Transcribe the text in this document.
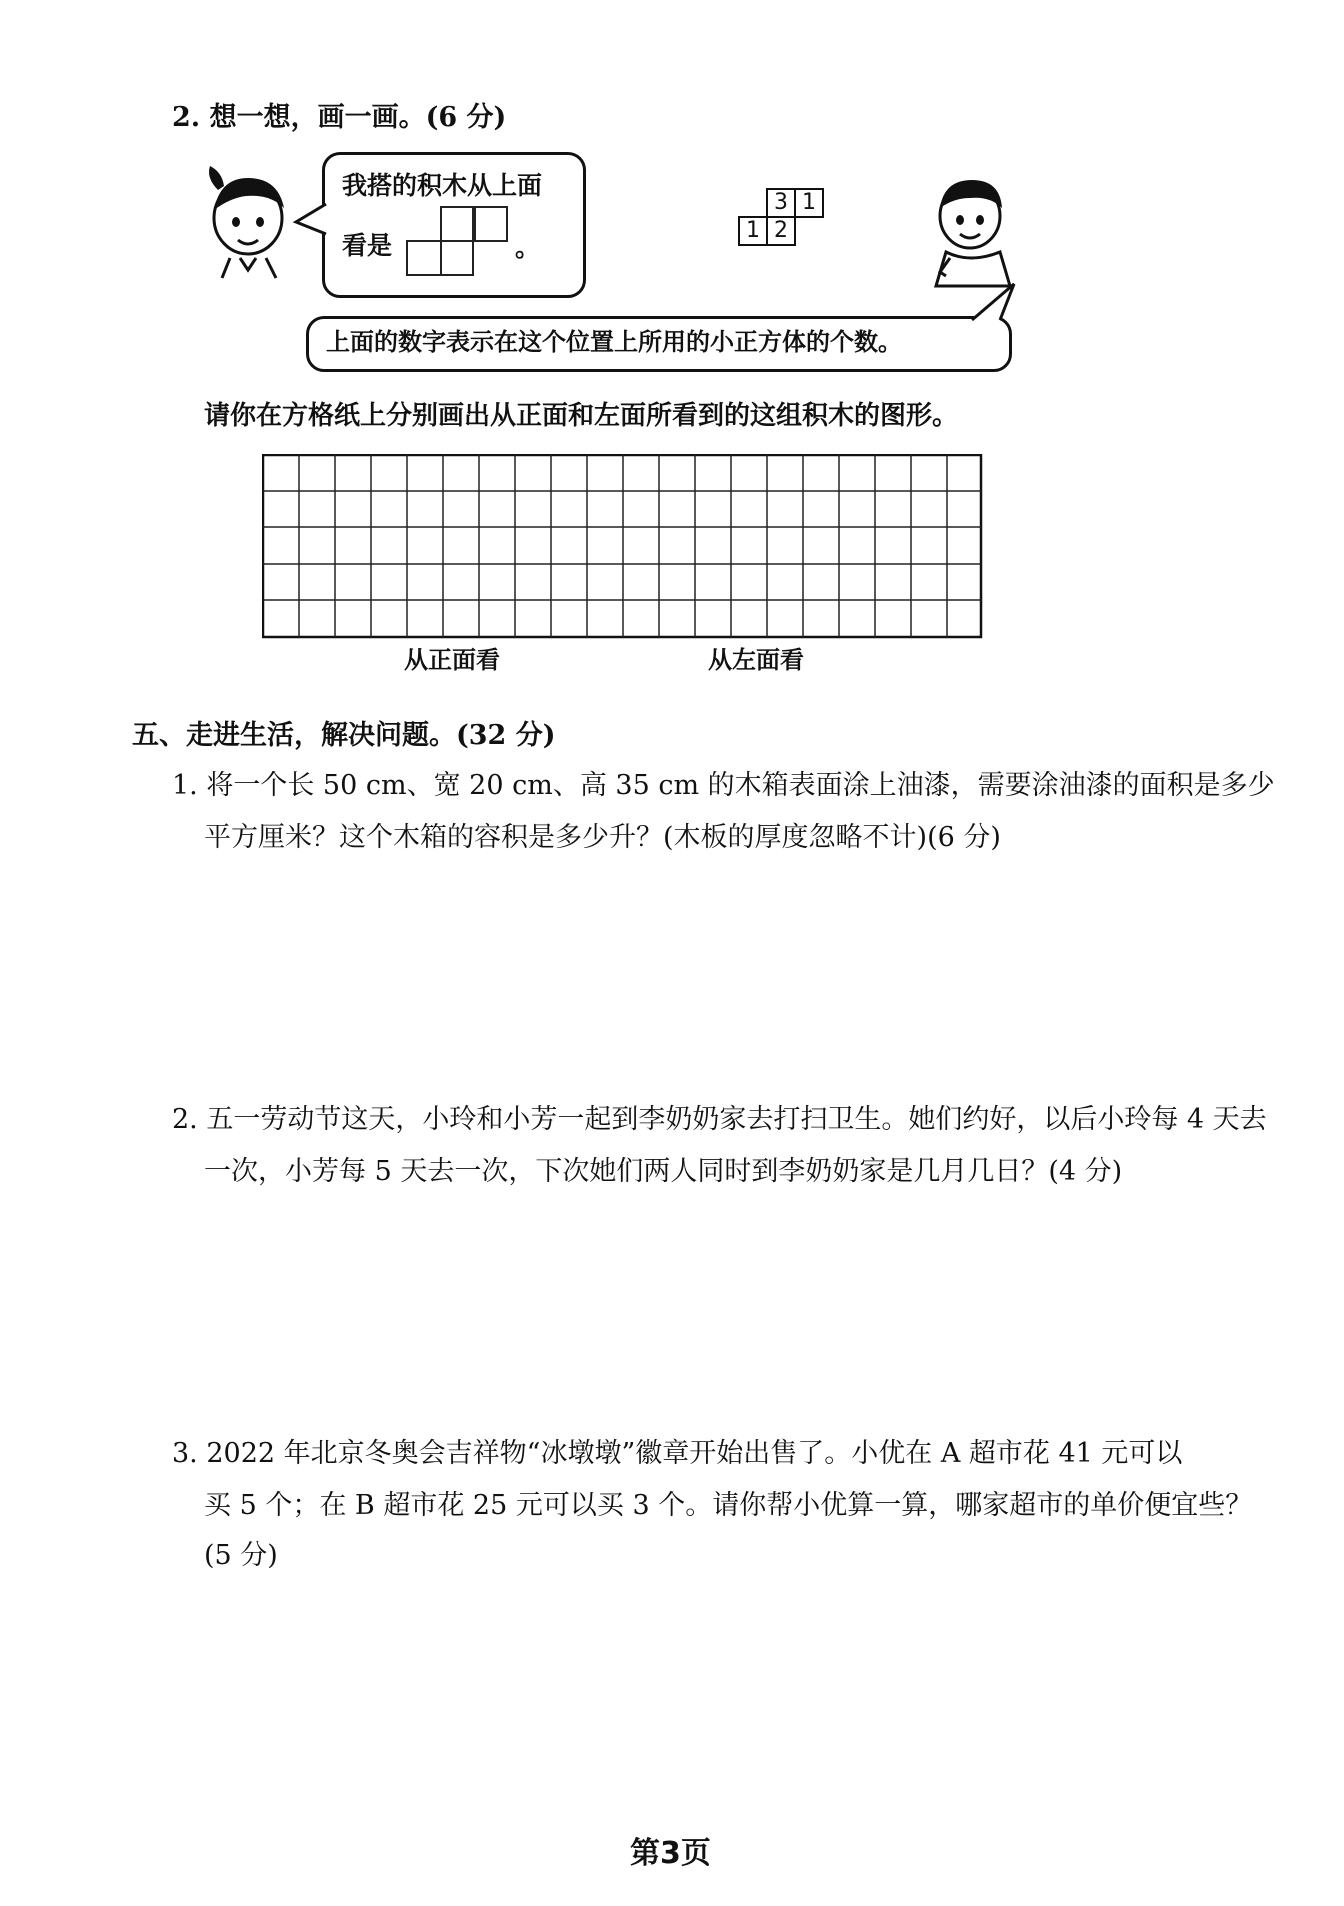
2. 想一想，画一画。(6 分)
我搭的积木从上面
看是	。
3 1
1 2
上面的数字表示在这个位置上所用的小正方体的个数。
请你在方格纸上分别画出从正面和左面所看到的这组积木的图形。
从正面看	从左面看
五、走进生活，解决问题。(32 分)
1. 将一个长 50 cm、宽 20 cm、高 35 cm 的木箱表面涂上油漆，需要涂油漆的面积是多少
平方厘米？这个木箱的容积是多少升？(木板的厚度忽略不计)(6 分)
2. 五一劳动节这天，小玲和小芳一起到李奶奶家去打扫卫生。她们约好，以后小玲每 4 天去
一次，小芳每 5 天去一次，下次她们两人同时到李奶奶家是几月几日？(4 分)
3. 2022 年北京冬奥会吉祥物“冰墩墩”徽章开始出售了。小优在 A 超市花 41 元可以
买 5 个；在 B 超市花 25 元可以买 3 个。请你帮小优算一算，哪家超市的单价便宜些？
(5 分)
第3页
